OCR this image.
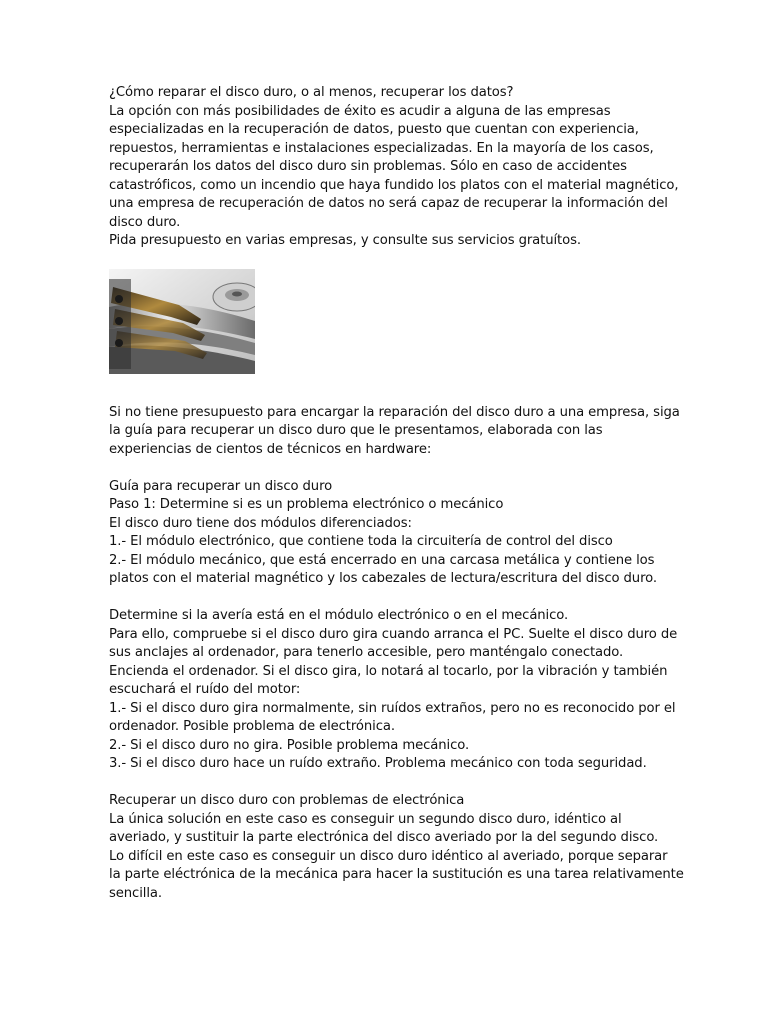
¿Cómo reparar el disco duro, o al menos, recuperar los datos?
La opción con más posibilidades de éxito es acudir a alguna de las empresas
especializadas en la recuperación de datos, puesto que cuentan con experiencia,
repuestos, herramientas e instalaciones especializadas. En la mayoría de los casos,
recuperarán los datos del disco duro sin problemas. Sólo en caso de accidentes
catastróficos, como un incendio que haya fundido los platos con el material magnético,
una empresa de recuperación de datos no será capaz de recuperar la información del
disco duro.
Pida presupuesto en varias empresas, y consulte sus servicios gratuítos.
Si no tiene presupuesto para encargar la reparación del disco duro a una empresa, siga
la guía para recuperar un disco duro que le presentamos, elaborada con las
experiencias de cientos de técnicos en hardware:
Guía para recuperar un disco duro
Paso 1: Determine si es un problema electrónico o mecánico
El disco duro tiene dos módulos diferenciados:
1.- El módulo electrónico, que contiene toda la circuitería de control del disco
2.- El módulo mecánico, que está encerrado en una carcasa metálica y contiene los
platos con el material magnético y los cabezales de lectura/escritura del disco duro.
Determine si la avería está en el módulo electrónico o en el mecánico.
Para ello, compruebe si el disco duro gira cuando arranca el PC. Suelte el disco duro de
sus anclajes al ordenador, para tenerlo accesible, pero manténgalo conectado.
Encienda el ordenador. Si el disco gira, lo notará al tocarlo, por la vibración y también
escuchará el ruído del motor:
1.- Si el disco duro gira normalmente, sin ruídos extraños, pero no es reconocido por el
ordenador. Posible problema de electrónica.
2.- Si el disco duro no gira. Posible problema mecánico.
3.- Si el disco duro hace un ruído extraño. Problema mecánico con toda seguridad.
Recuperar un disco duro con problemas de electrónica
La única solución en este caso es conseguir un segundo disco duro, idéntico al
averiado, y sustituir la parte electrónica del disco averiado por la del segundo disco.
Lo difícil en este caso es conseguir un disco duro idéntico al averiado, porque separar
la parte eléctrónica de la mecánica para hacer la sustitución es una tarea relativamente
sencilla.
